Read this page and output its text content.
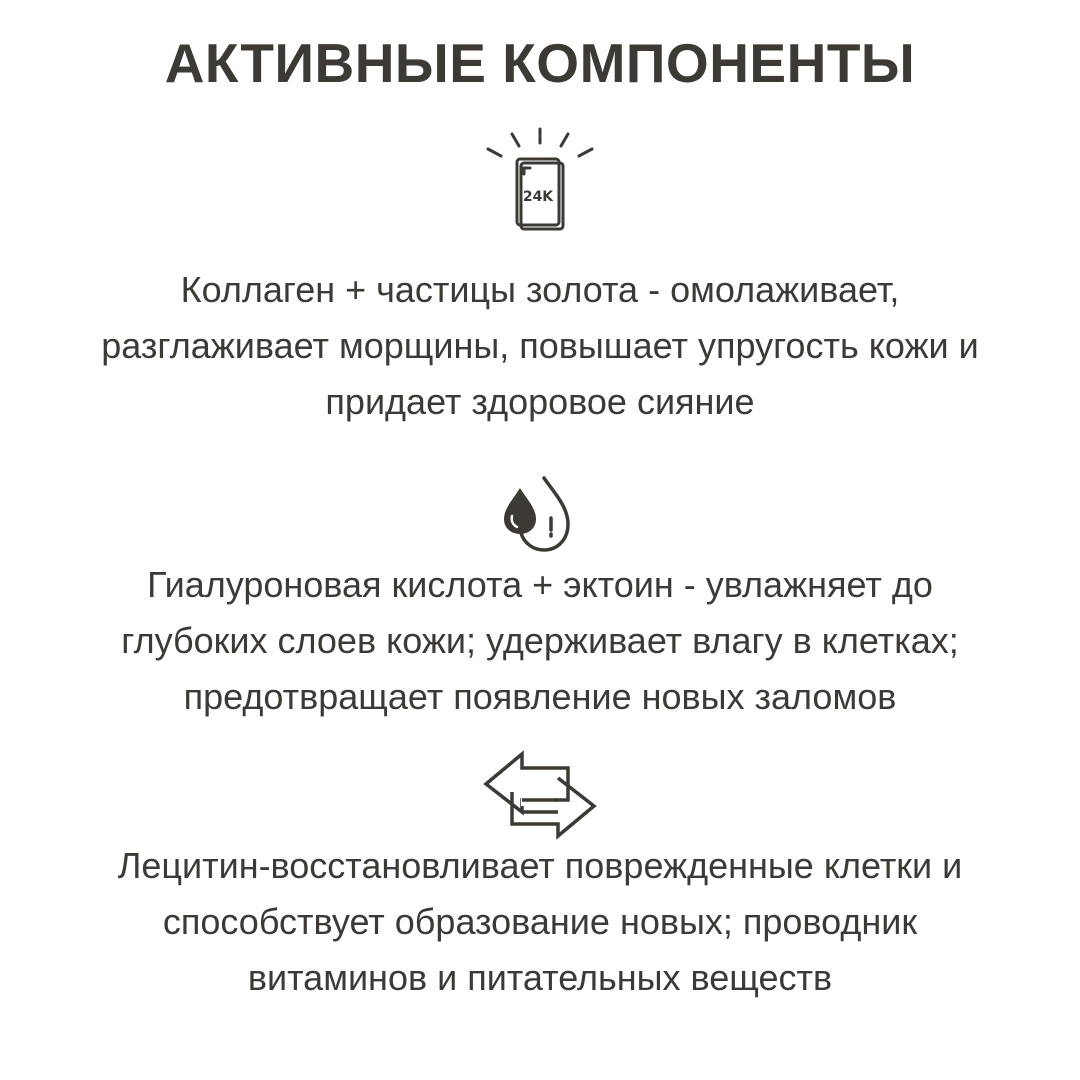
АКТИВНЫЕ КОМПОНЕНТЫ
24K

Коллаген + частицы золота - омолаживает,
разглаживает морщины, повышает упругость кожи и
придает здоровое сияние

Гиалуроновая кислота + эктоин - увлажняет до
глубоких слоев кожи; удерживает влагу в клетках;
предотвращает появление новых заломов

Лецитин-восстановливает поврежденные клетки и
способствует образование новых; проводник
витаминов и питательных веществ
